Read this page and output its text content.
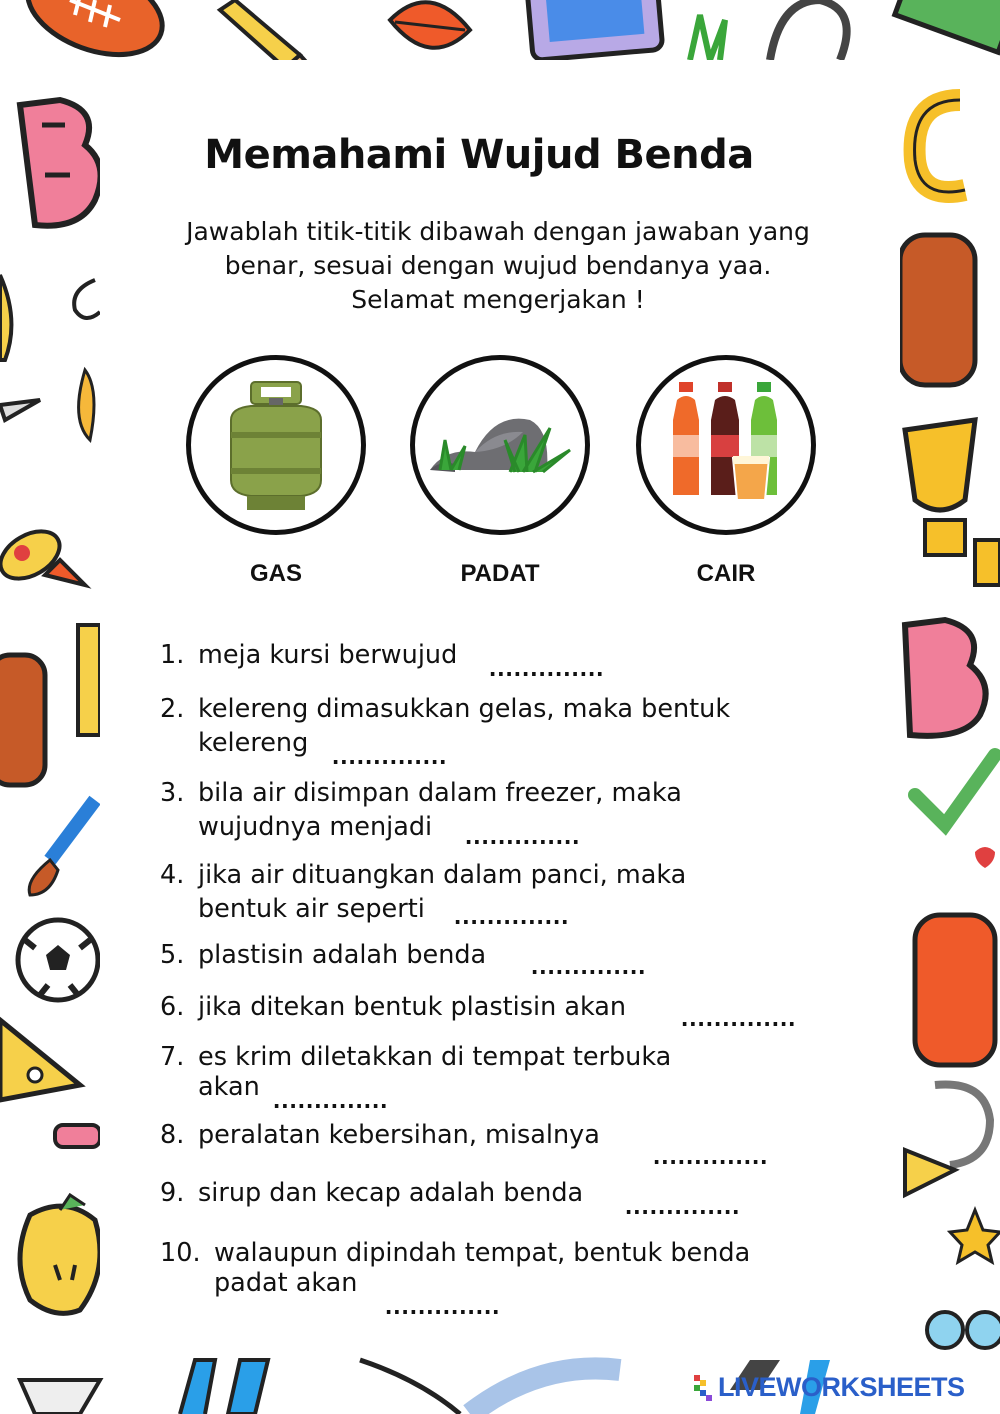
Memahami Wujud Benda
Jawablah titik-titik dibawah dengan jawaban yang
benar, sesuai dengan wujud bendanya yaa.
Selamat mengerjakan !
GAS	PADAT	CAIR
1. meja kursi berwujud	..............
2. kelereng dimasukkan gelas, maka bentuk
kelereng ..............
3. bila air disimpan dalam freezer, maka
wujudnya menjadi	..............
4. jika air dituangkan dalam panci, maka
bentuk air seperti	..............
5. plastisin adalah benda	..............
6. jika ditekan bentuk plastisin akan	..............
7. es krim diletakkan di tempat terbuka
akan ..............
8. peralatan kebersihan, misalnya
..............
9. sirup dan kecap adalah benda	..............
10. walaupun dipindah tempat, bentuk benda
padat akan
..............
LIVEWORKSHEETS
